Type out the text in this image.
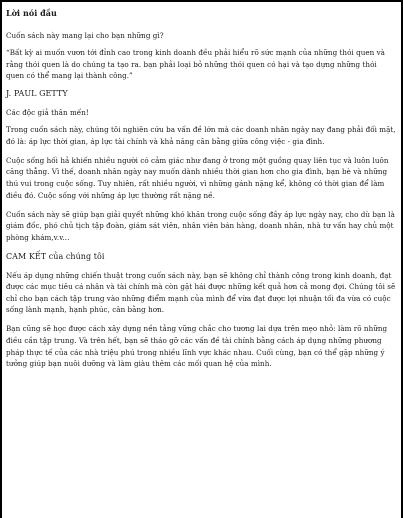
Lời nói đầu

Cuốn sách này mang lại cho bạn những gì?

“Bất kỳ ai muốn vươn tới đỉnh cao trong kinh doanh đều phải hiểu rõ sức mạnh của những thói quen và rằng thói quen là do chúng ta tạo ra. bạn phải loại bỏ những thói quen có hại và tạo dựng những thói quen có thể mang lại thành công.”

J. PAUL GETTY

Các độc giả thân mến!

Trong cuốn sách này, chúng tôi nghiên cứu ba vấn đề lớn mà các doanh nhân ngày nay đang phải đối mặt, đó là: áp lực thời gian, áp lực tài chính và khả năng cân bằng giữa công việc - gia đình.

Cuộc sống hối hả khiến nhiều người có cảm giác như đang ở trong một guồng quay liên tục và luôn luôn căng thẳng. Vì thế, doanh nhân ngày nay muốn dành nhiều thời gian hơn cho gia đình, bạn bè và những thú vui trong cuộc sống. Tuy nhiên, rất nhiều người, vì những gánh nặng kể, không có thời gian để làm điều đó. Cuộc sống với những áp lực thường rất nặng nề.

Cuốn sách này sẽ giúp bạn giải quyết những khó khăn trong cuộc sống đầy áp lực ngày nay, cho dù bạn là giám đốc, phó chủ tịch tập đoàn, giám sát viên, nhân viên bán hàng, doanh nhân, nhà tư vấn hay chủ một phòng khám,v.v...

CAM KẾT của chúng tôi

Nếu áp dụng những chiến thuật trong cuốn sách này, bạn sẽ không chỉ thành công trong kinh doanh, đạt được các mục tiêu cá nhân và tài chính mà còn gặt hái được những kết quả hơn cả mong đợi. Chúng tôi sẽ chỉ cho bạn cách tập trung vào những điểm mạnh của mình để vừa đạt được lợi nhuận tối đa vừa có cuộc sống lành mạnh, hạnh phúc, cân bằng hơn.

Bạn cũng sẽ học được cách xây dựng nền tảng vững chắc cho tương lai dựa trên mẹo nhỏ: làm rõ những điều cần tập trung. Và trên hết, bạn sẽ tháo gỡ các vấn đề tài chính bằng cách áp dụng những phương pháp thực tế của các nhà triệu phú trong nhiều lĩnh vực khác nhau. Cuối cùng, bạn có thể gặp những ý tưởng giúp bạn nuôi dưỡng và làm giàu thêm các mối quan hệ của mình.
